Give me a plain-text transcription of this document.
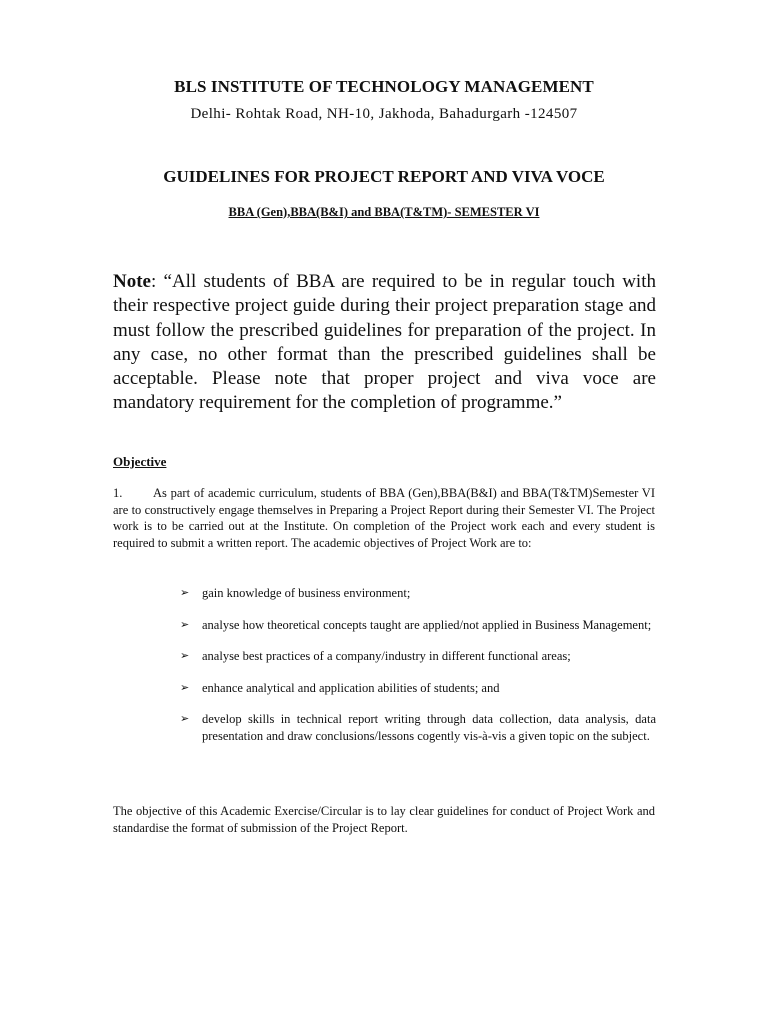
BLS INSTITUTE OF TECHNOLOGY MANAGEMENT
Delhi- Rohtak Road, NH-10, Jakhoda, Bahadurgarh -124507
GUIDELINES FOR PROJECT REPORT AND VIVA VOCE
BBA (Gen),BBA(B&I) and BBA(T&TM)- SEMESTER VI
Note: “All students of BBA are required to be in regular touch with their respective project guide during their project preparation stage and must follow the prescribed guidelines for preparation of the project. In any case, no other format than the prescribed guidelines shall be acceptable. Please note that proper project and viva voce are mandatory requirement for the completion of programme.”
Objective
1. As part of academic curriculum, students of BBA (Gen),BBA(B&I) and BBA(T&TM)Semester VI are to constructively engage themselves in Preparing a Project Report during their Semester VI. The Project work is to be carried out at the Institute. On completion of the Project work each and every student is required to submit a written report. The academic objectives of Project Work are to:
➢ gain knowledge of business environment;
➢ analyse how theoretical concepts taught are applied/not applied in Business Management;
➢ analyse best practices of a company/industry in different functional areas;
➢ enhance analytical and application abilities of students; and
➢ develop skills in technical report writing through data collection, data analysis, data presentation and draw conclusions/lessons cogently vis-à-vis a given topic on the subject.
The objective of this Academic Exercise/Circular is to lay clear guidelines for conduct of Project Work and standardise the format of submission of the Project Report.
